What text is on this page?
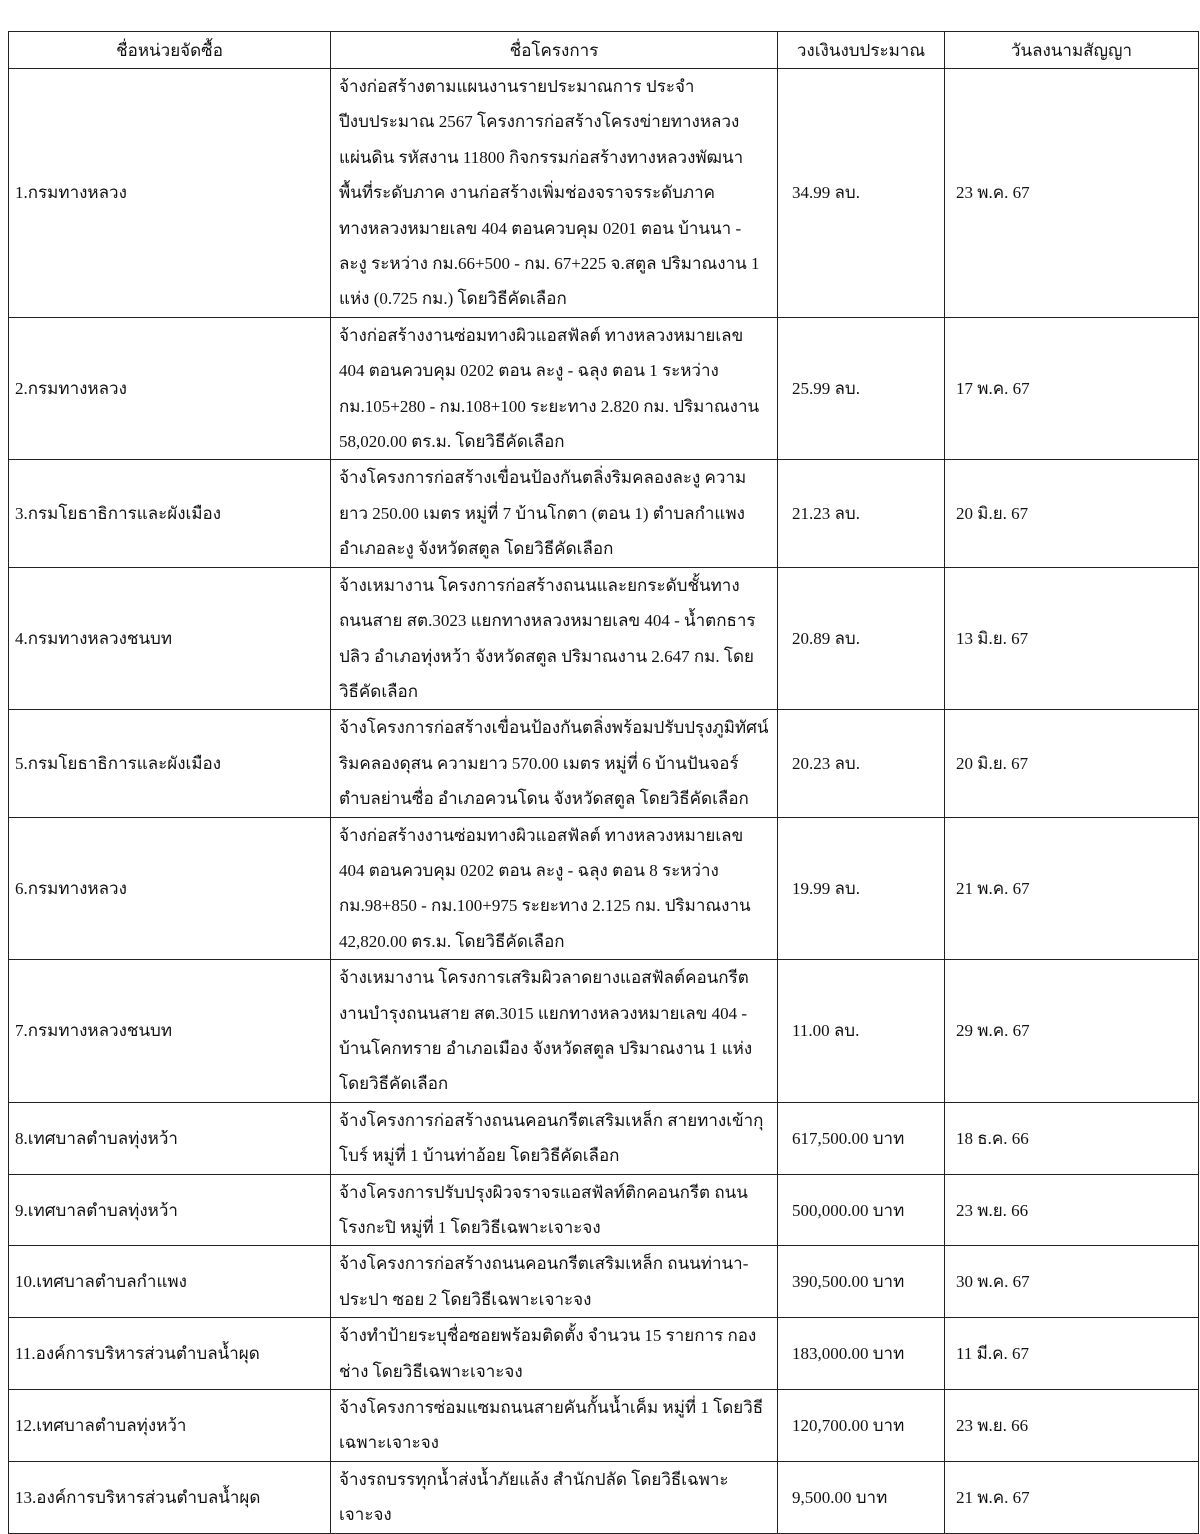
ชื่อหน่วยจัดซื้อ	ชื่อโครงการ	วงเงินงบประมาณ	วันลงนามสัญญา
1.กรมทางหลวง	จ้างก่อสร้างตามแผนงานรายประมาณการ ประจำปีงบประมาณ 2567 โครงการก่อสร้างโครงข่ายทางหลวงแผ่นดิน รหัสงาน 11800 กิจกรรมก่อสร้างทางหลวงพัฒนาพื้นที่ระดับภาค งานก่อสร้างเพิ่มช่องจราจรระดับภาค ทางหลวงหมายเลข 404 ตอนควบคุม 0201 ตอน บ้านนา - ละงู ระหว่าง กม.66+500 - กม. 67+225 จ.สตูล ปริมาณงาน 1 แห่ง (0.725 กม.) โดยวิธีคัดเลือก	34.99 ลบ.	23 พ.ค. 67
2.กรมทางหลวง	จ้างก่อสร้างงานซ่อมทางผิวแอสฟัลต์ ทางหลวงหมายเลข 404 ตอนควบคุม 0202 ตอน ละงู - ฉลุง ตอน 1 ระหว่าง กม.105+280 - กม.108+100 ระยะทาง 2.820 กม. ปริมาณงาน 58,020.00 ตร.ม. โดยวิธีคัดเลือก	25.99 ลบ.	17 พ.ค. 67
3.กรมโยธาธิการและผังเมือง	จ้างโครงการก่อสร้างเขื่อนป้องกันตลิ่งริมคลองละงู ความยาว 250.00 เมตร หมู่ที่ 7 บ้านโกตา (ตอน 1) ตำบลกำแพง อำเภอละงู จังหวัดสตูล โดยวิธีคัดเลือก	21.23 ลบ.	20 มิ.ย. 67
4.กรมทางหลวงชนบท	จ้างเหมางาน โครงการก่อสร้างถนนและยกระดับชั้นทาง ถนนสาย สต.3023 แยกทางหลวงหมายเลข 404 - น้ำตกธารปลิว อำเภอทุ่งหว้า จังหวัดสตูล ปริมาณงาน 2.647 กม. โดยวิธีคัดเลือก	20.89 ลบ.	13 มิ.ย. 67
5.กรมโยธาธิการและผังเมือง	จ้างโครงการก่อสร้างเขื่อนป้องกันตลิ่งพร้อมปรับปรุงภูมิทัศน์ริมคลองดุสน ความยาว 570.00 เมตร หมู่ที่ 6 บ้านปันจอร์ ตำบลย่านซื่อ อำเภอควนโดน จังหวัดสตูล โดยวิธีคัดเลือก	20.23 ลบ.	20 มิ.ย. 67
6.กรมทางหลวง	จ้างก่อสร้างงานซ่อมทางผิวแอสฟัลต์ ทางหลวงหมายเลข 404 ตอนควบคุม 0202 ตอน ละงู - ฉลุง ตอน 8 ระหว่าง กม.98+850 - กม.100+975 ระยะทาง 2.125 กม. ปริมาณงาน 42,820.00 ตร.ม. โดยวิธีคัดเลือก	19.99 ลบ.	21 พ.ค. 67
7.กรมทางหลวงชนบท	จ้างเหมางาน โครงการเสริมผิวลาดยางแอสฟัลต์คอนกรีต งานบำรุงถนนสาย สต.3015 แยกทางหลวงหมายเลข 404 - บ้านโคกทราย อำเภอเมือง จังหวัดสตูล ปริมาณงาน 1 แห่ง โดยวิธีคัดเลือก	11.00 ลบ.	29 พ.ค. 67
8.เทศบาลตำบลทุ่งหว้า	จ้างโครงการก่อสร้างถนนคอนกรีตเสริมเหล็ก สายทางเข้ากุโบร์ หมู่ที่ 1 บ้านท่าอ้อย โดยวิธีคัดเลือก	617,500.00 บาท	18 ธ.ค. 66
9.เทศบาลตำบลทุ่งหว้า	จ้างโครงการปรับปรุงผิวจราจรแอสฟัลท์ติกคอนกรีต ถนนโรงกะปิ หมู่ที่ 1 โดยวิธีเฉพาะเจาะจง	500,000.00 บาท	23 พ.ย. 66
10.เทศบาลตำบลกำแพง	จ้างโครงการก่อสร้างถนนคอนกรีตเสริมเหล็ก ถนนท่านา-ประปา ซอย 2 โดยวิธีเฉพาะเจาะจง	390,500.00 บาท	30 พ.ค. 67
11.องค์การบริหารส่วนตำบลน้ำผุด	จ้างทำป้ายระบุชื่อซอยพร้อมติดตั้ง จำนวน 15 รายการ กองช่าง โดยวิธีเฉพาะเจาะจง	183,000.00 บาท	11 มี.ค. 67
12.เทศบาลตำบลทุ่งหว้า	จ้างโครงการซ่อมแซมถนนสายคันกั้นน้ำเค็ม หมู่ที่ 1 โดยวิธีเฉพาะเจาะจง	120,700.00 บาท	23 พ.ย. 66
13.องค์การบริหารส่วนตำบลน้ำผุด	จ้างรถบรรทุกน้ำส่งน้ำภัยแล้ง สำนักปลัด โดยวิธีเฉพาะเจาะจง	9,500.00 บาท	21 พ.ค. 67
